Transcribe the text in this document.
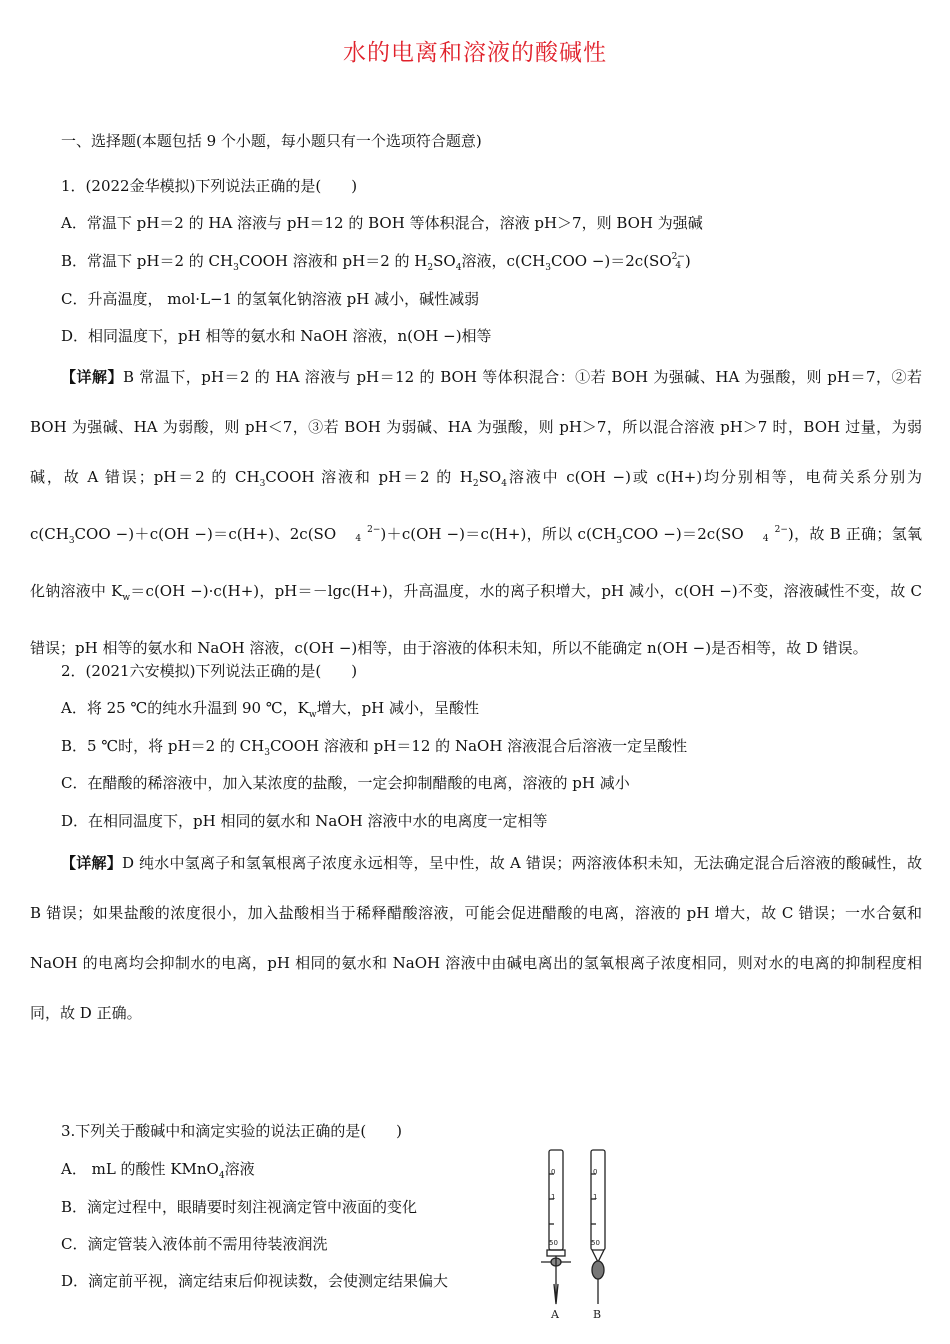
水的电离和溶液的酸碱性
一、选择题(本题包括 9 个小题，每小题只有一个选项符合题意)
1．(2022金华模拟)下列说法正确的是(　　)
A．常温下 pH＝2 的 HA 溶液与 pH＝12 的 BOH 等体积混合，溶液 pH＞7，则 BOH 为强碱
B．常温下 pH＝2 的 $CH_3COOH$ 溶液和 pH＝2 的 $H_2SO_4$溶液，$c(CH_3COO -)=2c(SO2-$
4 )
C．升高温度， mol·L−1 的氢氧化钠溶液 pH 减小，碱性减弱
D．相同温度下，pH 相等的氨水和 NaOH 溶液，n(OH −)相等
【详解】B 常温下，pH＝2 的 HA 溶液与 pH＝12 的 BOH 等体积混合：①若 BOH 为强碱、HA 为强酸，则 pH＝7，②若 BOH 为强碱、HA 为弱酸，则 pH＜7，③若 BOH 为弱碱、HA 为强酸，则 pH＞7，所以混合溶液 pH＞7 时，BOH 过量，为弱碱，故 A 错误；pH＝2 的 $CH_3COOH$ 溶液和 pH＝2 的 $H_2SO_4$溶液中 c(OH −)或 c(H+)均分别相等，电荷关系分别为 $c(CH_3COO -)+c(OH -)=c(H+)$、2c(SO	2−
4 )＋c(OH −)＝c(H+)，所以 $c(CH_3COO -)=2c(SO$	2−
4 )，故 B 正确；氢氧化钠溶液中 $K_w=c(OH -)\cdot c(H+)$，pH＝－lgc(H+)，升高温度，水的离子积增大，pH 减小，c(OH −)不变，溶液碱性不变，故 C 错误；pH 相等的氨水和 NaOH 溶液，c(OH −)相等，由于溶液的体积未知，所以不能确定 n(OH −)是否相等，故 D 错误。
2．(2021六安模拟)下列说法正确的是(　　)
A．将 25 ℃的纯水升温到 90 ℃，$K_w$增大，pH 减小，呈酸性
B．5 ℃时，将 pH＝2 的 $CH_3COOH$ 溶液和 pH＝12 的 NaOH 溶液混合后溶液一定呈酸性
C．在醋酸的稀溶液中，加入某浓度的盐酸，一定会抑制醋酸的电离，溶液的 pH 减小
D．在相同温度下，pH 相同的氨水和 NaOH 溶液中水的电离度一定相等
【详解】D 纯水中氢离子和氢氧根离子浓度永远相等，呈中性，故 A 错误；两溶液体积未知，无法确定混合后溶液的酸碱性，故 B 错误；如果盐酸的浓度很小，加入盐酸相当于稀释醋酸溶液，可能会促进醋酸的电离，溶液的 pH 增大，故 C 错误；一水合氨和 NaOH 的电离均会抑制水的电离，pH 相同的氨水和 NaOH 溶液中由碱电离出的氢氧根离子浓度相同，则对水的电离的抑制程度相同，故 D 正确。
3.下列关于酸碱中和滴定实验的说法正确的是(　　)
A． mL 的酸性 KMnO$_4$溶液
B．滴定过程中，眼睛要时刻注视滴定管中液面的变化
C．滴定管装入液体前不需用待装液润洗
D．滴定前平视，滴定结束后仰视读数，会使测定结果偏大
0
1
50
0
1
50
A	B
